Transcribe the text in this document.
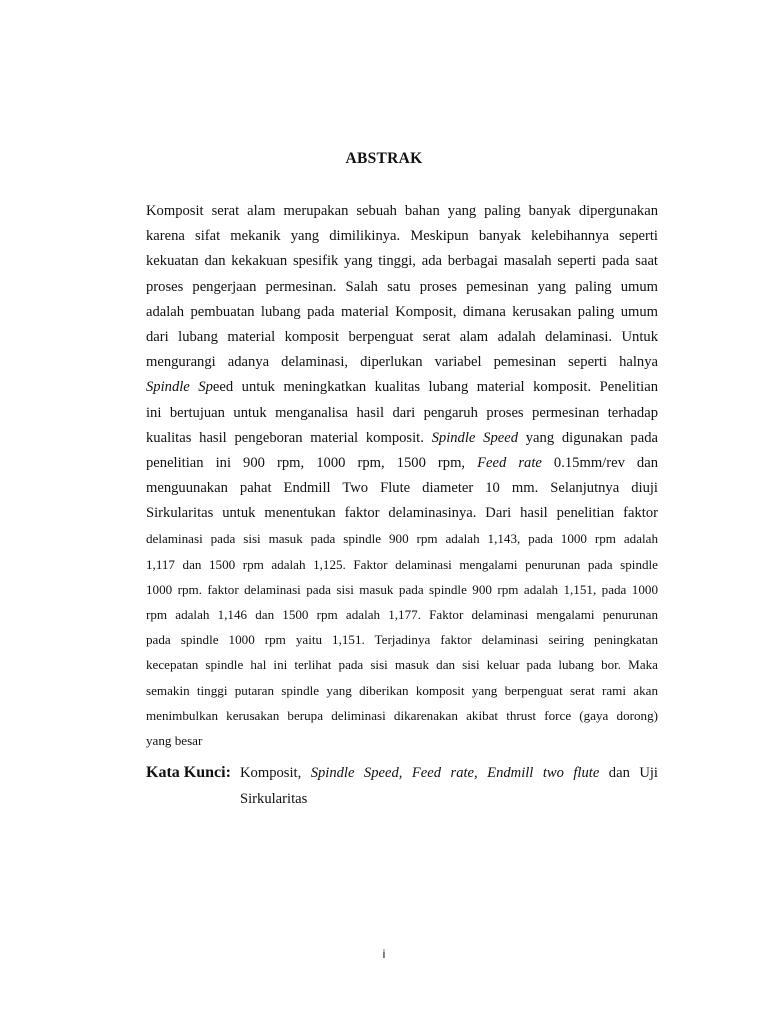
ABSTRAK
Komposit serat alam merupakan sebuah bahan yang paling banyak dipergunakan
karena sifat mekanik yang dimilikinya. Meskipun banyak kelebihannya seperti
kekuatan dan kekakuan spesifik yang tinggi, ada berbagai masalah seperti pada saat
proses pengerjaan permesinan. Salah satu proses pemesinan yang paling umum
adalah pembuatan lubang pada material Komposit, dimana kerusakan paling umum
dari lubang material komposit berpenguat serat alam adalah delaminasi. Untuk
mengurangi adanya delaminasi, diperlukan variabel pemesinan seperti halnya
Spindle Speed untuk meningkatkan kualitas lubang material komposit. Penelitian
ini bertujuan untuk menganalisa hasil dari pengaruh proses permesinan terhadap
kualitas hasil pengeboran material komposit. Spindle Speed yang digunakan pada
penelitian ini 900 rpm, 1000 rpm, 1500 rpm, Feed rate 0.15mm/rev dan
menguunakan pahat Endmill Two Flute diameter 10 mm. Selanjutnya diuji
Sirkularitas untuk menentukan faktor delaminasinya. Dari hasil penelitian faktor
delaminasi pada sisi masuk pada spindle 900 rpm adalah 1,143, pada 1000 rpm adalah
1,117 dan 1500 rpm adalah 1,125. Faktor delaminasi mengalami penurunan pada spindle
1000 rpm. faktor delaminasi pada sisi masuk pada spindle 900 rpm adalah 1,151, pada 1000
rpm adalah 1,146 dan 1500 rpm adalah 1,177. Faktor delaminasi mengalami penurunan
pada spindle 1000 rpm yaitu 1,151. Terjadinya faktor delaminasi seiring peningkatan
kecepatan spindle hal ini terlihat pada sisi masuk dan sisi keluar pada lubang bor. Maka
semakin tinggi putaran spindle yang diberikan komposit yang berpenguat serat rami akan
menimbulkan kerusakan berupa deliminasi dikarenakan akibat thrust force (gaya dorong)
yang besar
Kata Kunci: Komposit, Spindle Speed, Feed rate, Endmill two flute dan Uji
Sirkularitas
i
